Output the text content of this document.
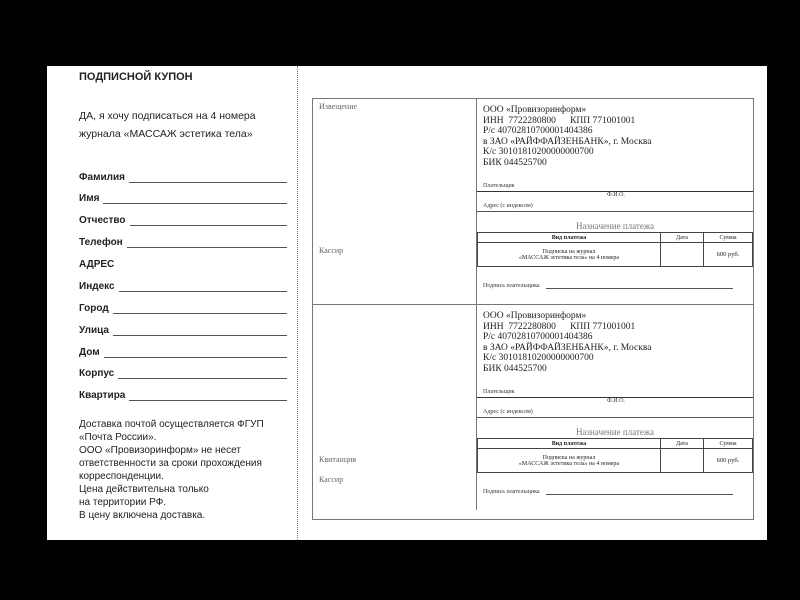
ПОДПИСНОЙ КУПОН
ДА, я хочу подписаться на 4 номера
журнала «МАССАЖ эстетика тела»
Фамилия
Имя
Отчество
Телефон
АДРЕС
Индекс
Город
Улица
Дом
Корпус
Квартира
Доставка почтой осуществляется ФГУП
«Почта России».
ООО «Провизоринформ» не несет
ответственности за сроки прохождения
корреспонденции.
Цена действительна только
на территории РФ.
В цену включена доставка.
Извещение
Кассир
ООО «Провизоринформ»
ИНН  7722280800      КПП 771001001
Р/с 40702810700001404386
в ЗАО «РАЙФФАЙЗЕНБАНК», г. Москва
К/с 30101810200000000700
БИК 044525700
Плательщик
Ф.И.О.
Адрес (с индексом)
Назначение платежа
Вид платежа	Дата	Сумма

Подписка на журнал
«МАССАЖ эстетика тела» на 4 номера		600 руб.
Подпись плательщика
Квитанция
Кассир
ООО «Провизоринформ»
ИНН  7722280800      КПП 771001001
Р/с 40702810700001404386
в ЗАО «РАЙФФАЙЗЕНБАНК», г. Москва
К/с 30101810200000000700
БИК 044525700
Плательщик
Ф.И.О.
Адрес (с индексом)
Назначение платежа
Вид платежа	Дата	Сумма

Подписка на журнал
«МАССАЖ эстетика тела» на 4 номера		600 руб.
Подпись плательщика
